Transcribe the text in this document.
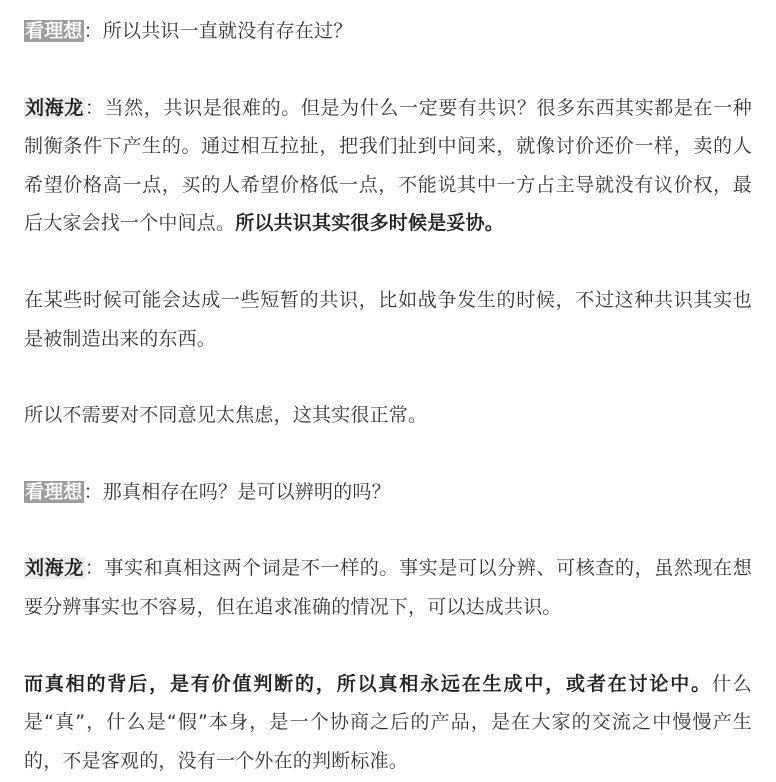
看理想：所以共识一直就没有存在过？

刘海龙：当然，共识是很难的。但是为什么一定要有共识？很多东西其实都是在一种制衡条件下产生的。通过相互拉扯，把我们扯到中间来，就像讨价还价一样，卖的人希望价格高一点，买的人希望价格低一点，不能说其中一方占主导就没有议价权，最后大家会找一个中间点。所以共识其实很多时候是妥协。

在某些时候可能会达成一些短暂的共识，比如战争发生的时候，不过这种共识其实也是被制造出来的东西。

所以不需要对不同意见太焦虑，这其实很正常。

看理想：那真相存在吗？是可以辨明的吗？

刘海龙：事实和真相这两个词是不一样的。事实是可以分辨、可核查的，虽然现在想要分辨事实也不容易，但在追求准确的情况下，可以达成共识。

而真相的背后，是有价值判断的，所以真相永远在生成中，或者在讨论中。什么是“真”，什么是“假”本身，是一个协商之后的产品，是在大家的交流之中慢慢产生的，不是客观的，没有一个外在的判断标准。
